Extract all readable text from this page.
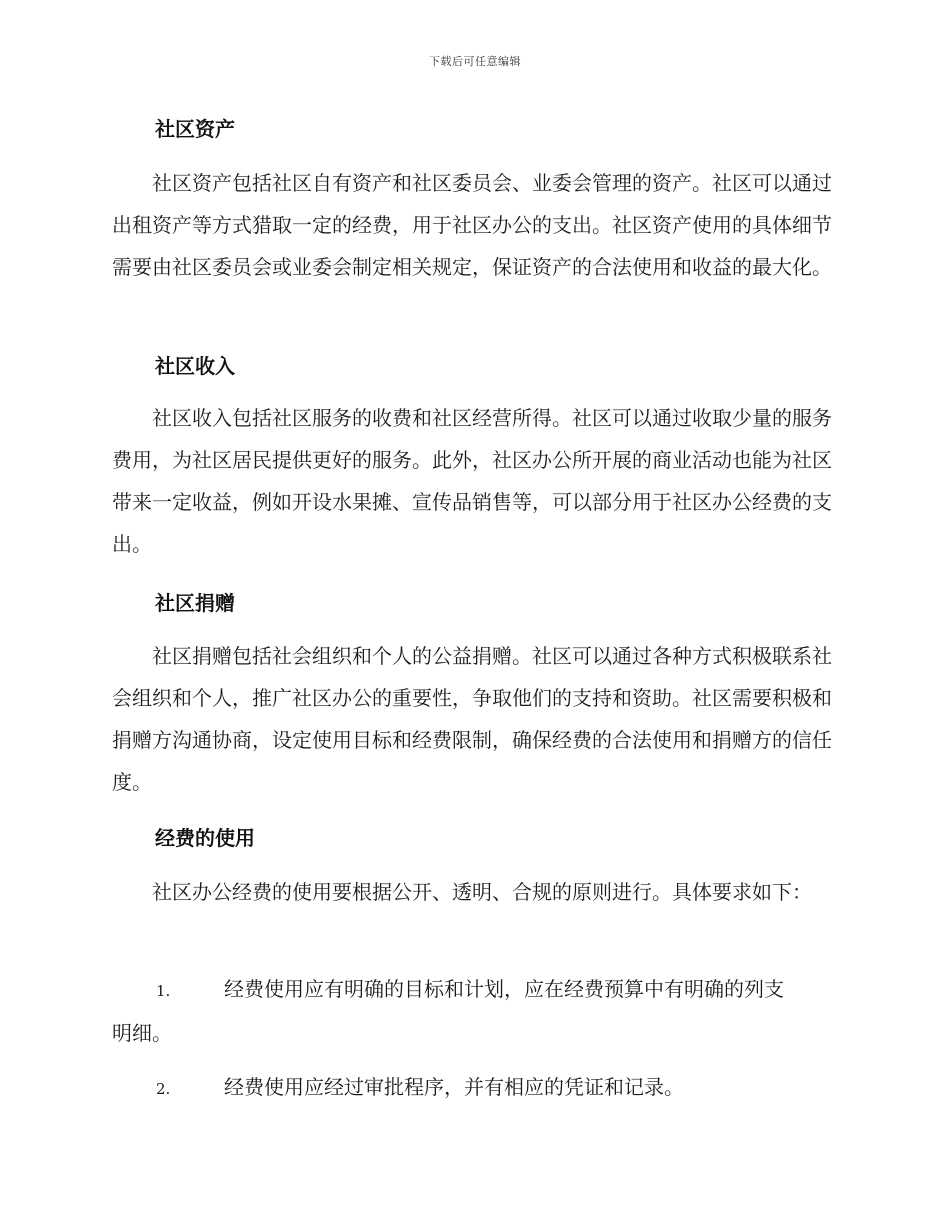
下载后可任意编辑
社区资产
社区资产包括社区自有资产和社区委员会、业委会管理的资产。社区可以通过出租资产等方式猎取一定的经费，用于社区办公的支出。社区资产使用的具体细节需要由社区委员会或业委会制定相关规定，保证资产的合法使用和收益的最大化。
社区收入
社区收入包括社区服务的收费和社区经营所得。社区可以通过收取少量的服务费用，为社区居民提供更好的服务。此外，社区办公所开展的商业活动也能为社区带来一定收益，例如开设水果摊、宣传品销售等，可以部分用于社区办公经费的支出。
社区捐赠
社区捐赠包括社会组织和个人的公益捐赠。社区可以通过各种方式积极联系社会组织和个人，推广社区办公的重要性，争取他们的支持和资助。社区需要积极和捐赠方沟通协商，设定使用目标和经费限制，确保经费的合法使用和捐赠方的信任度。
经费的使用
社区办公经费的使用要根据公开、透明、合规的原则进行。具体要求如下：
1.	经费使用应有明确的目标和计划，应在经费预算中有明确的列支
明细。
2.	经费使用应经过审批程序，并有相应的凭证和记录。
